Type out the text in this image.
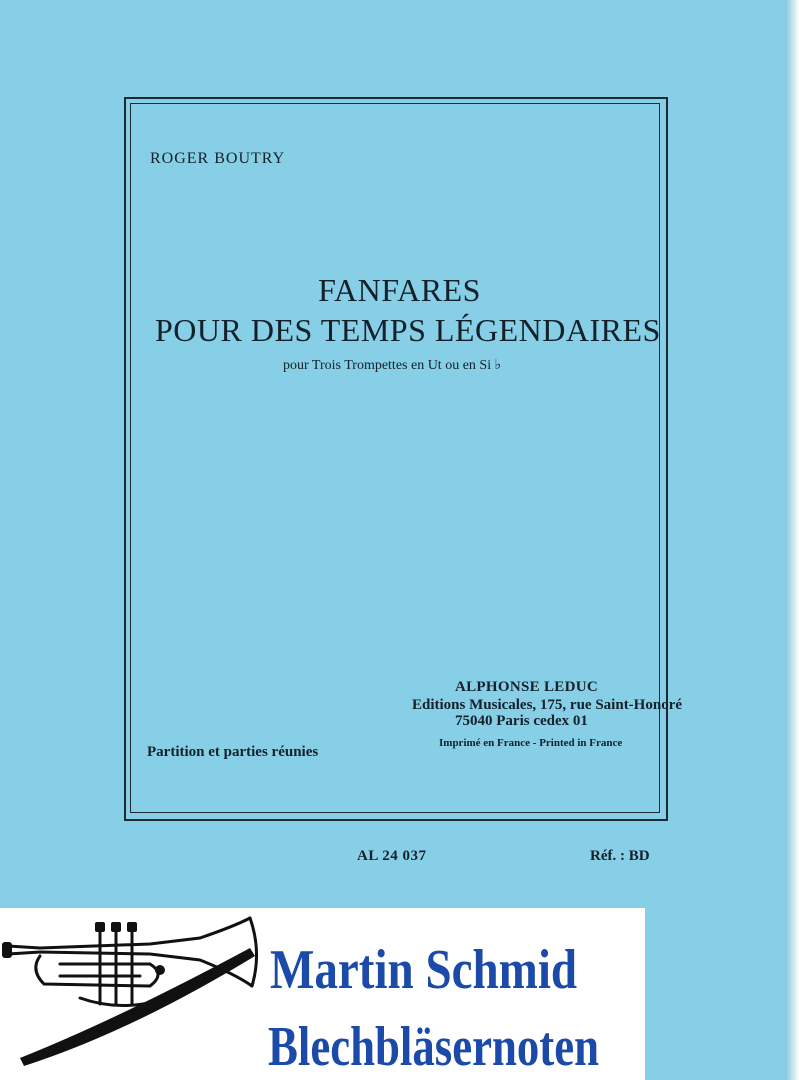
ROGER BOUTRY
FANFARES
POUR DES TEMPS LÉGENDAIRES
pour Trois Trompettes en Ut ou en Si ♭
ALPHONSE LEDUC
Editions Musicales, 175, rue Saint-Honoré
75040 Paris cedex 01
Imprimé en France - Printed in France
Partition et parties réunies
AL 24 037	Réf. : BD
Martin Schmid
Blechbläsernoten
